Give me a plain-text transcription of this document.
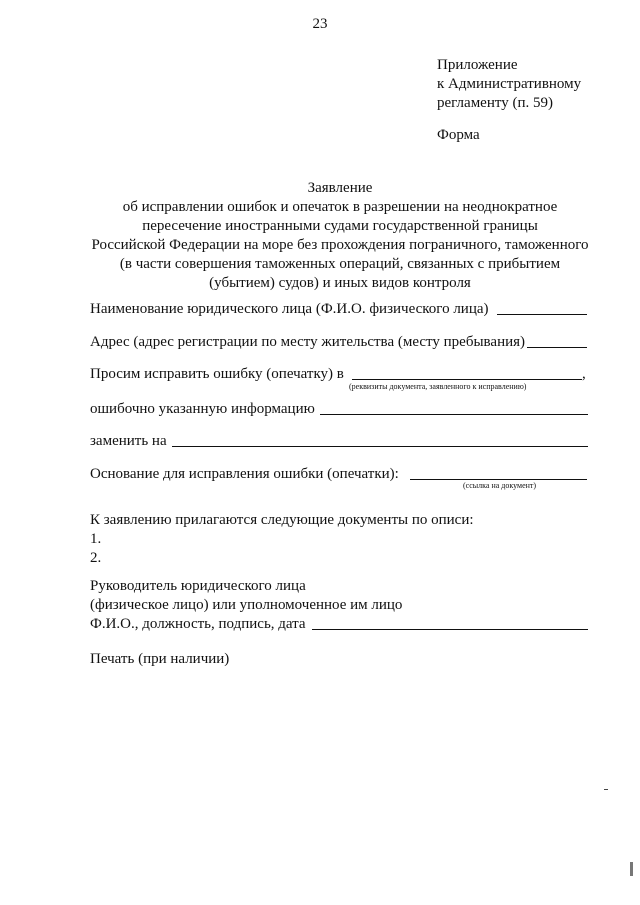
23
Приложение
к Административному
регламенту (п. 59)
Форма
Заявление
об исправлении ошибок и опечаток в разрешении на неоднократное
пересечение иностранными судами государственной границы
Российской Федерации на море без прохождения пограничного, таможенного
(в части совершения таможенных операций, связанных с прибытием
(убытием) судов) и иных видов контроля
Наименование юридического лица (Ф.И.О. физического лица)
Адрес (адрес регистрации по месту жительства (месту пребывания)
Просим исправить ошибку (опечатку) в	,
(реквизиты документа, заявленного к исправлению)
ошибочно указанную информацию
заменить на
Основание для исправления ошибки (опечатки):
(ссылка на документ)
К заявлению прилагаются следующие документы по описи:
1.
2.
Руководитель юридического лица
(физическое лицо) или уполномоченное им лицо
Ф.И.О., должность, подпись, дата
Печать (при наличии)
